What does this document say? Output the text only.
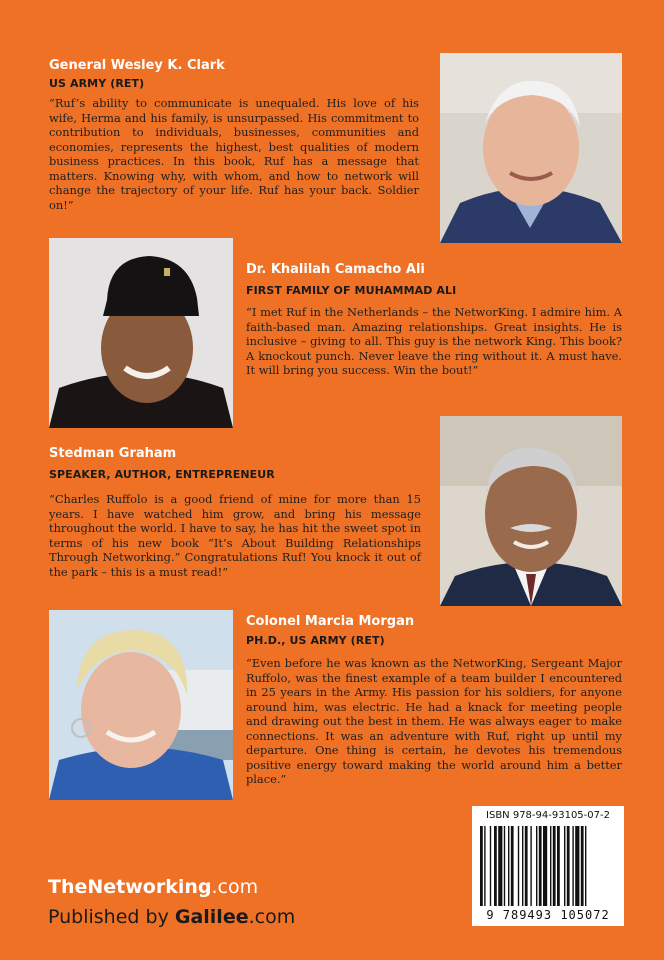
General Wesley K. Clark
US ARMY (RET)

“Ruf’s ability to communicate is unequaled. His love of his wife, Herma and his family, is unsurpassed. His commitment to contribution to individuals, businesses, communities and economies, represents the highest, best qualities of modern business practices. In this book, Ruf has a message that matters. Knowing why, with whom, and how to network will change the trajectory of your life. Ruf has your back. Soldier on!”

Dr. Khalilah Camacho Ali
FIRST FAMILY OF MUHAMMAD ALI

“I met Ruf in the Netherlands – the NetworKing. I admire him. A faith-based man. Amazing relationships. Great insights. He is inclusive – giving to all. This guy is the network King. This book? A knockout punch. Never leave the ring without it. A must have. It will bring you success. Win the bout!”

Stedman Graham
SPEAKER, AUTHOR, ENTREPRENEUR

“Charles Ruffolo is a good friend of mine for more than 15 years. I have watched him grow, and bring his message throughout the world. I have to say, he has hit the sweet spot in terms of his new book “It’s About Building Relationships Through Networking.” Congratulations Ruf! You knock it out of the park – this is a must read!”

Colonel Marcia Morgan
PH.D., US ARMY (RET)

“Even before he was known as the NetworKing, Sergeant Major Ruffolo, was the finest example of a team builder I encountered in 25 years in the Army. His passion for his soldiers, for anyone around him, was electric. He had a knack for meeting people and drawing out the best in them. He was always eager to make connections. It was an adventure with Ruf, right up until my departure. One thing is certain, he devotes his tremendous positive energy toward making the world around him a better place.”

TheNetworking.com

Published by Galilee.com

ISBN 978-94-93105-07-2
9 789493 105072
